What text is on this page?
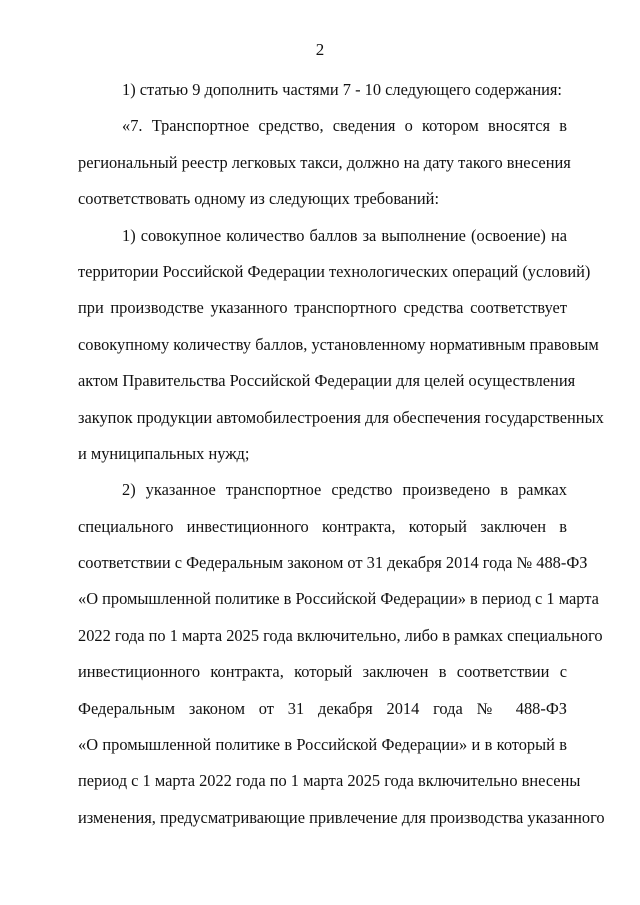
2
1) статью 9 дополнить частями 7 - 10 следующего содержания:
«7. Транспортное средство, сведения о котором вносятся в
региональный реестр легковых такси, должно на дату такого внесения
соответствовать одному из следующих требований:
1) совокупное количество баллов за выполнение (освоение) на
территории Российской Федерации технологических операций (условий)
при производстве указанного транспортного средства соответствует
совокупному количеству баллов, установленному нормативным правовым
актом Правительства Российской Федерации для целей осуществления
закупок продукции автомобилестроения для обеспечения государственных
и муниципальных нужд;
2) указанное транспортное средство произведено в рамках
специального инвестиционного контракта, который заключен в
соответствии с Федеральным законом от 31 декабря 2014 года № 488-ФЗ
«О промышленной политике в Российской Федерации» в период с 1 марта
2022 года по 1 марта 2025 года включительно, либо в рамках специального
инвестиционного контракта, который заключен в соответствии с
Федеральным законом от 31 декабря 2014 года № 488-ФЗ
«О промышленной политике в Российской Федерации» и в который в
период с 1 марта 2022 года по 1 марта 2025 года включительно внесены
изменения, предусматривающие привлечение для производства указанного
